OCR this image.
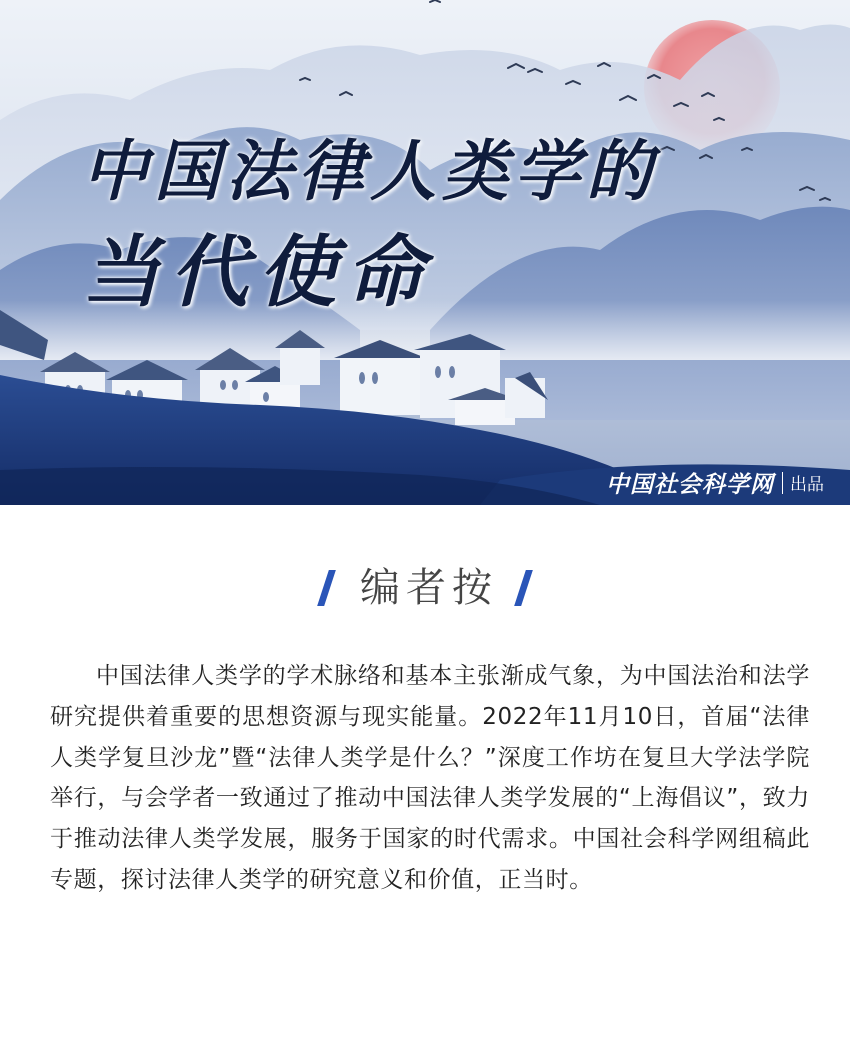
中国法律人类学的
当代使命
中国社会科学网 出品
编者按

中国法律人类学的学术脉络和基本主张渐成气象，为中国法治和法学研究提供着重要的思想资源与现实能量。2022年11月10日，首届“法律人类学复旦沙龙”暨“法律人类学是什么？”深度工作坊在复旦大学法学院举行，与会学者一致通过了推动中国法律人类学发展的“上海倡议”，致力于推动法律人类学发展，服务于国家的时代需求。中国社会科学网组稿此专题，探讨法律人类学的研究意义和价值，正当时。
